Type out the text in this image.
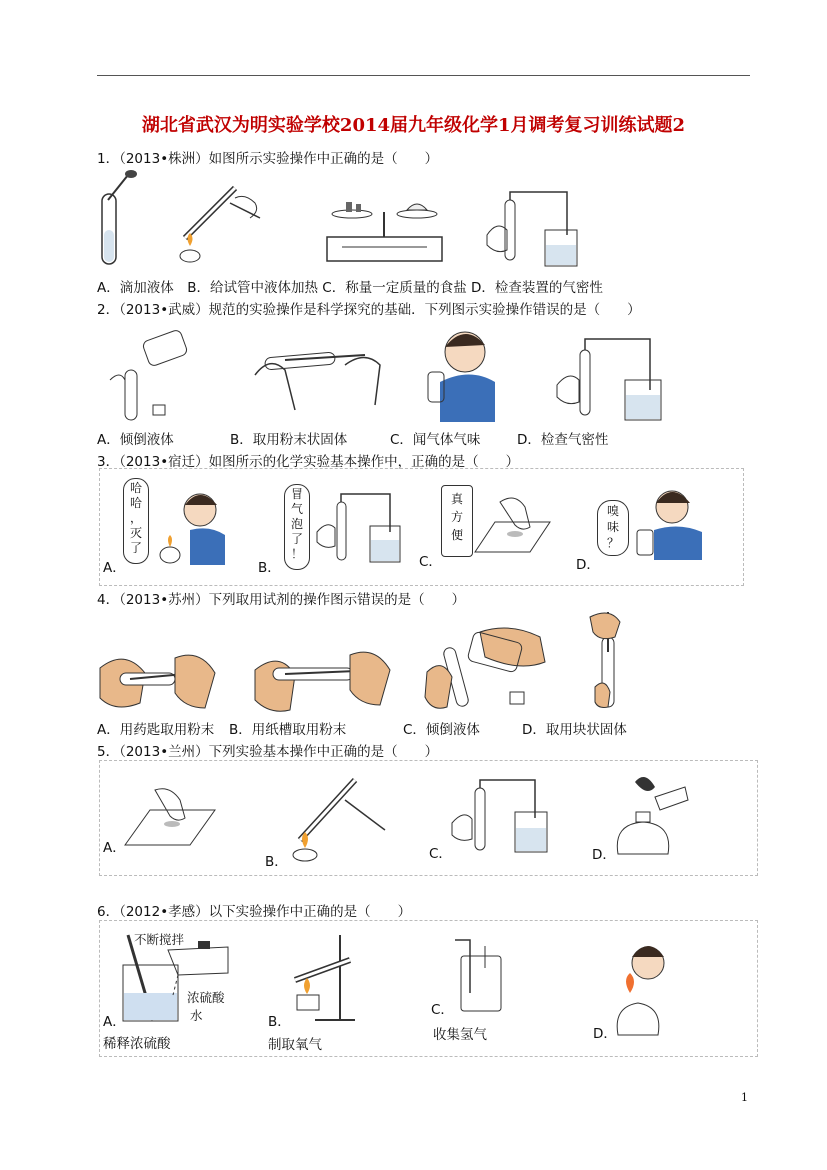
湖北省武汉为明实验学校2014届九年级化学1月调考复习训练试题2
1．（2013•株洲）如图所示实验操作中正确的是（　　）
A．滴加液体　B．给试管中液体加热 C．称量一定质量的食盐 D．检查装置的气密性
2．（2013•武威）规范的实验操作是科学探究的基础．下列图示实验操作错误的是（　　）
A．倾倒液体	B．取用粉末状固体	C．闻气体气味	D．检查气密性
3．（2013•宿迁）如图所示的化学实验基本操作中，正确的是（　　）
A．
哈
哈
，
灭
了
B．
冒
气
泡
了
！	C．
真
方
便
D．
嗅
味
？
4．（2013•苏州）下列取用试剂的操作图示错误的是（　　）
A．用药匙取用粉末 B．用纸槽取用粉末	C．倾倒液体	D．取用块状固体
5．（2013•兰州）下列实验基本操作中正确的是（　　）
A．
B．	C．	D．
6．（2012•孝感）以下实验操作中正确的是（　　）
不断搅拌
浓硫酸
水
A．
稀释浓硫酸
B．
制取氧气
C．
收集氢气	D．
1
